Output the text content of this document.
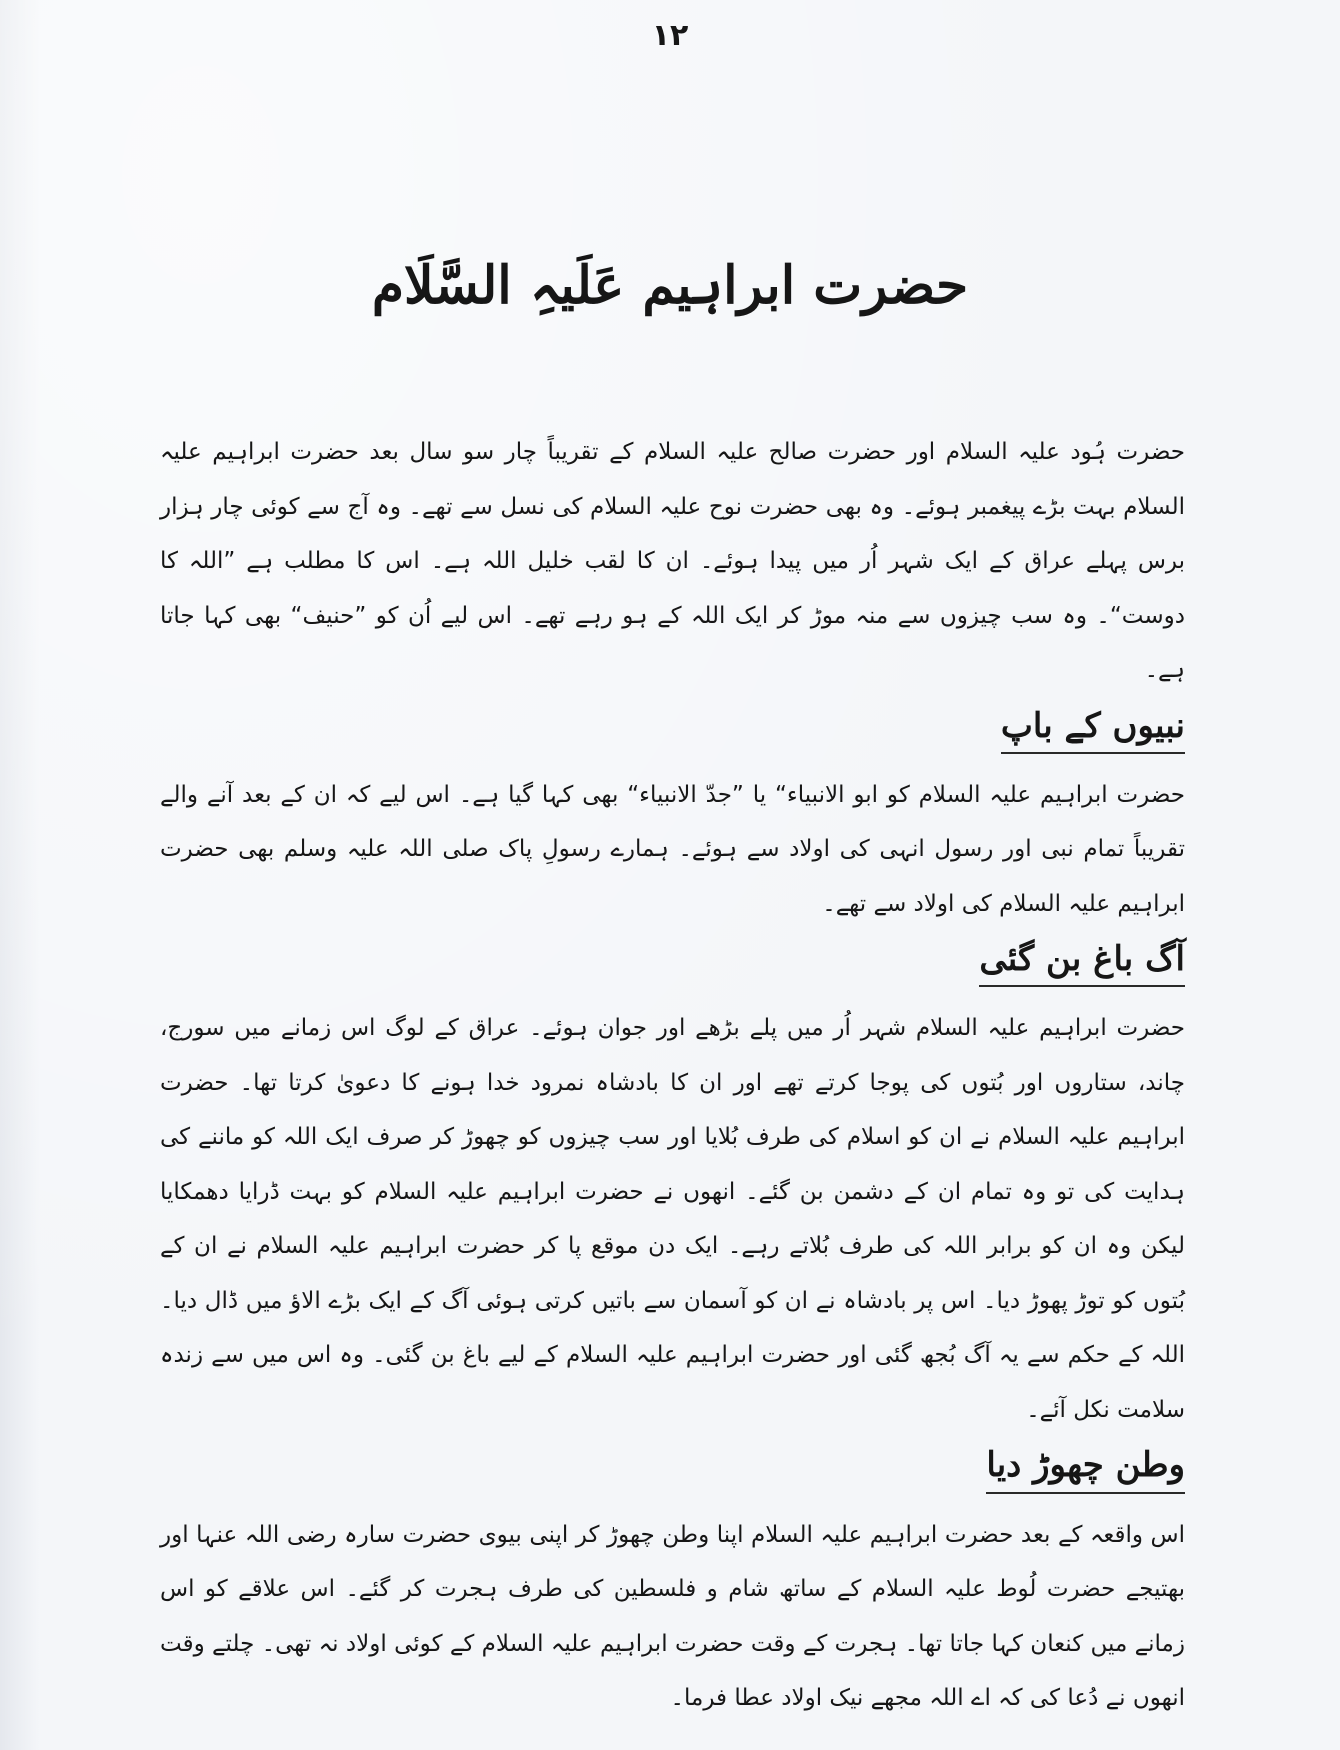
۱۲
حضرت ابراہیم عَلَیہِ السَّلَام

حضرت ہُود علیہ السلام اور حضرت صالح علیہ السلام کے تقریباً چار سو سال بعد حضرت ابراہیم علیہ السلام بہت بڑے پیغمبر ہوئے۔ وہ بھی حضرت نوح علیہ السلام کی نسل سے تھے۔ وہ آج سے کوئی چار ہزار برس پہلے عراق کے ایک شہر اُر میں پیدا ہوئے۔ ان کا لقب خلیل اللہ ہے۔ اس کا مطلب ہے ”اللہ کا دوست“۔ وہ سب چیزوں سے منہ موڑ کر ایک اللہ کے ہو رہے تھے۔ اس لیے اُن کو ”حنیف“ بھی کہا جاتا ہے۔

نبیوں کے باپ

حضرت ابراہیم علیہ السلام کو ابو الانبیاء“ یا ”جدّ الانبیاء“ بھی کہا گیا ہے۔ اس لیے کہ ان کے بعد آنے والے تقریباً تمام نبی اور رسول انہی کی اولاد سے ہوئے۔ ہمارے رسولِ پاک صلی اللہ علیہ وسلم بھی حضرت ابراہیم علیہ السلام کی اولاد سے تھے۔

آگ باغ بن گئی

حضرت ابراہیم علیہ السلام شہر اُر میں پلے بڑھے اور جوان ہوئے۔ عراق کے لوگ اس زمانے میں سورج، چاند، ستاروں اور بُتوں کی پوجا کرتے تھے اور ان کا بادشاہ نمرود خدا ہونے کا دعویٰ کرتا تھا۔ حضرت ابراہیم علیہ السلام نے ان کو اسلام کی طرف بُلایا اور سب چیزوں کو چھوڑ کر صرف ایک اللہ کو ماننے کی ہدایت کی تو وہ تمام ان کے دشمن بن گئے۔ انھوں نے حضرت ابراہیم علیہ السلام کو بہت ڈرایا دھمکایا لیکن وہ ان کو برابر اللہ کی طرف بُلاتے رہے۔ ایک دن موقع پا کر حضرت ابراہیم علیہ السلام نے ان کے بُتوں کو توڑ پھوڑ دیا۔ اس پر بادشاہ نے ان کو آسمان سے باتیں کرتی ہوئی آگ کے ایک بڑے الاؤ میں ڈال دیا۔ اللہ کے حکم سے یہ آگ بُجھ گئی اور حضرت ابراہیم علیہ السلام کے لیے باغ بن گئی۔ وہ اس میں سے زندہ سلامت نکل آئے۔

وطن چھوڑ دیا

اس واقعہ کے بعد حضرت ابراہیم علیہ السلام اپنا وطن چھوڑ کر اپنی بیوی حضرت سارہ رضی اللہ عنہا اور بھتیجے حضرت لُوط علیہ السلام کے ساتھ شام و فلسطین کی طرف ہجرت کر گئے۔ اس علاقے کو اس زمانے میں کنعان کہا جاتا تھا۔ ہجرت کے وقت حضرت ابراہیم علیہ السلام کے کوئی اولاد نہ تھی۔ چلتے وقت انھوں نے دُعا کی کہ اے اللہ مجھے نیک اولاد عطا فرما۔
